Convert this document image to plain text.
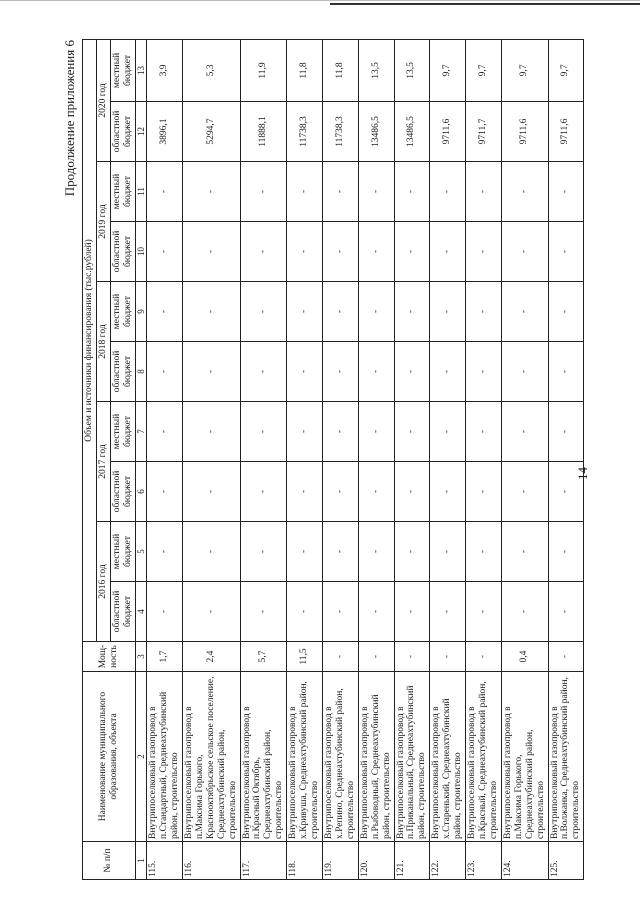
14
Продолжение приложения 6
№ п/п	Наименование муниципального образования, объекта	Мощ-ность	Объем и источники финансирования (тыс.рублей)									
			2016 год		2017 год		2018 год		2019 год		2020 год	
			областной бюджет	местный бюджет	областной бюджет	местный бюджет	областной бюджет	местный бюджет	областной бюджет	местный бюджет	областной бюджет	местный бюджет
1	2	3	4	5	6	7	8	9	10	11	12	13
115.	Внутрипоселковый газопровод в п.Стандартный, Среднеахтубинский район, строительство	1,7	-	-	-	-	-	-	-	-	3896,1	3,9
116.	Внутрипоселковый газопровод в п.Максима Горького, Краснооктябрьское сельское поселение, Среднеахтубинский район, строительство	2,4	-	-	-	-	-	-	-	-	5294,7	5,3
117.	Внутрипоселковый газопровод в п.Красный Октябрь, Среднеахтубинский район, строительство	5,7	-	-	-	-	-	-	-	-	11888,1	11,9
118.	Внутрипоселковый газопровод в х.Кривуша, Среднеахтубинский район, строительство	11,5	-	-	-	-	-	-	-	-	11738,3	11,8
119.	Внутрипоселковый газопровод в х.Репино, Среднеахтубинский район, строительство	-	-	-	-	-	-	-	-	-	11738,3	11,8
120.	Внутрипоселковый газопровод в п.Рыбоводный, Среднеахтубинский район, строительство	-	-	-	-	-	-	-	-	-	13486,5	13,5
121.	Внутрипоселковый газопровод в п.Приканальный, Среднеахтубинский район, строительство	-	-	-	-	-	-	-	-	-	13486,5	13,5
122.	Внутрипоселковый газопровод в х.Старенький, Среднеахтубинский район, строительство	-	-	-	-	-	-	-	-	-	9711,6	9,7
123.	Внутрипоселковый газопровод в п.Красный, Среднеахтубинский район, строительство	-	-	-	-	-	-	-	-	-	9711,7	9,7
124.	Внутрипоселковый газопровод в п.Максима Горького, Среднеахтубинский район, строительство	0,4	-	-	-	-	-	-	-	-	9711,6	9,7
125.	Внутрипоселковый газопровод в п.Волжанка, Среднеахтубинский район, строительство	-	-	-	-	-	-	-	-	-	9711,6	9,7
